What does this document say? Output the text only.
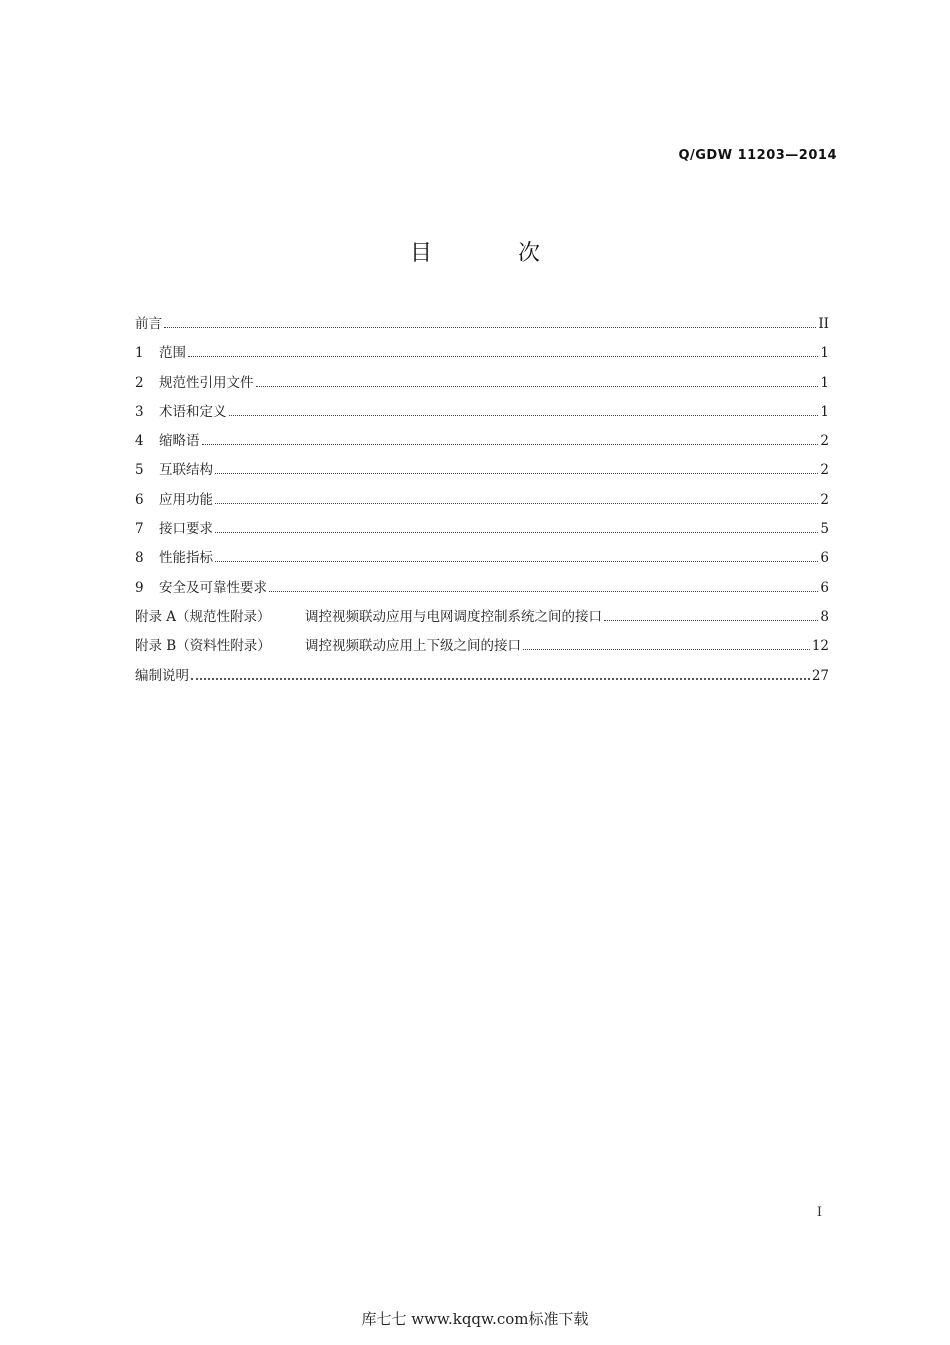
Q/GDW 11203—2014
目	次
前言	II
1	范围	1
2	规范性引用文件	1
3	术语和定义	1
4	缩略语	2
5	互联结构	2
6	应用功能	2
7	接口要求	5
8	性能指标	6
9	安全及可靠性要求	6
附录 A（规范性附录）	调控视频联动应用与电网调度控制系统之间的接口	8
附录 B（资料性附录）	调控视频联动应用上下级之间的接口	12
编制说明	27
I
库七七 www.kqqw.com标准下载
